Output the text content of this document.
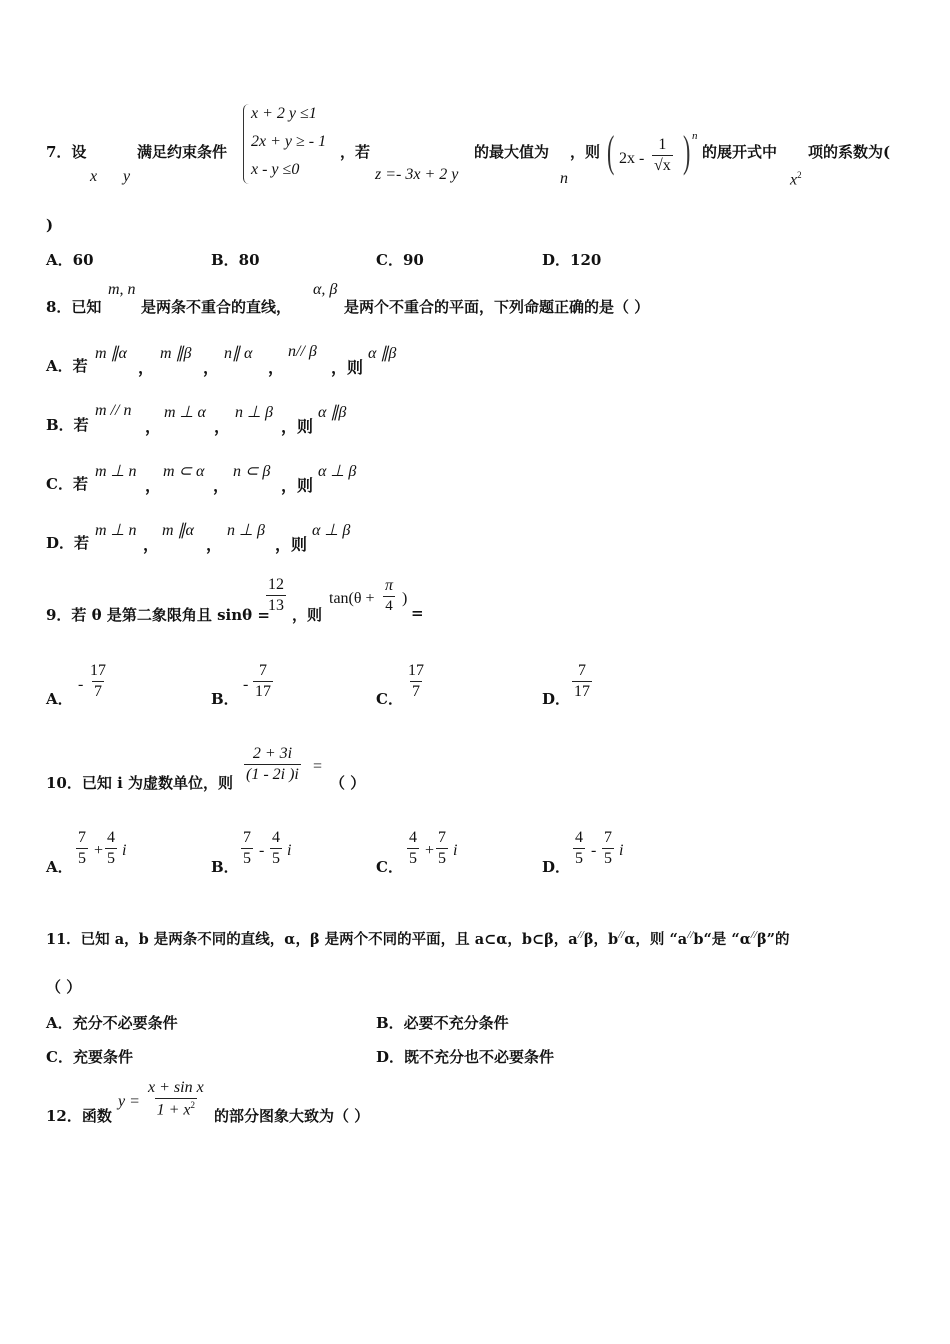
7．设
x y
满足约束条件
x + 2 y ≤1
2x + y ≥ - 1
x - y ≤0
，若
z =- 3x + 2 y
的最大值为
n
，则 ( $2x - \frac{1}{√x}$ ) n
的展开式中
$x^2$
项的系数为(
)
A．60	B．80	C．90	D．120
8．已知
m, n
是两条不重合的直线，
α, β
是两个不重合的平面，下列命题正确的是（ ）
A．若
m ∥α
，
m ∥β
，
n∥ α
，
n// β
，则
α ∥β
B．若
m // n
，
m ⊥ α
，
n ⊥ β
，则
α ∥β
C．若
m ⊥ n
，
m ⊂ α
，
n ⊂ β
，则
α ⊥ β
D．若
m ⊥ n
，
m ∥α
，
n ⊥ β
，则
α ⊥ β
9．若 θ 是第二象限角且 sinθ =
$\frac{12}{13}$ ，则
$\tan(\theta + \frac{\pi}{4}$ )
=
A．
- $\frac{17}{7}$	B．
- $\frac{7}{17}$	C． $\frac{17}{7}$	D． $\frac{7}{17}$
10．已知 i 为虚数单位，则 $\frac{2 + 3i}{(1 - 2i )i}$ =
（ ）
A． $\frac{7}{5} + \frac{4}{5}$ i
B． $\frac{7}{5} - \frac{4}{5}$ i
C． $\frac{4}{5} + \frac{7}{5}$ i
D． $\frac{4}{5} - \frac{7}{5}$ i
11．已知 a，b 是两条不同的直线，α，β 是两个不同的平面，且 a⊂α，b⊂β，a//β，b//α，则 “a//b“是 “α//β”的
（ ）
A．充分不必要条件	B．必要不充分条件
C．充要条件	D．既不充分也不必要条件
12．函数
$y = \frac{\text{x + sin x}}{1 + x^2}$ 的部分图象大致为（ ）
